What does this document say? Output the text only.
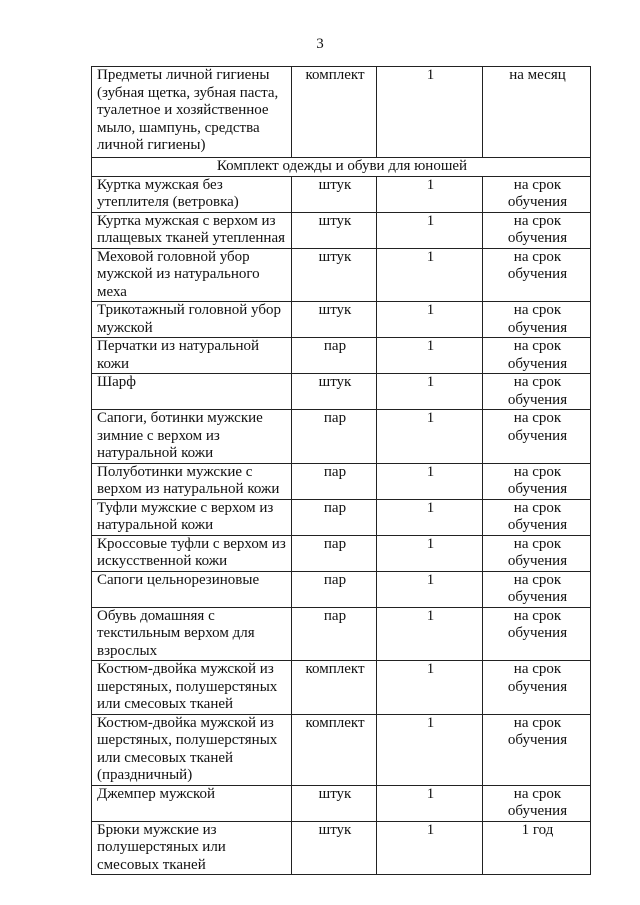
3
Предметы личной гигиены
(зубная щетка, зубная паста,
туалетное и хозяйственное
мыло, шампунь, средства
личной гигиены)	комплект	1	на месяц
Комплект одежды и обуви для юношей			
Куртка мужская без
утеплителя (ветровка)	штук	1	на срок
обучения
Куртка мужская с верхом из
плащевых тканей утепленная	штук	1	на срок
обучения
Меховой головной убор
мужской из натурального
меха	штук	1	на срок
обучения
Трикотажный головной убор
мужской	штук	1	на срок
обучения
Перчатки из натуральной
кожи	пар	1	на срок
обучения
Шарф	штук	1	на срок
обучения
Сапоги, ботинки мужские
зимние с верхом из
натуральной кожи	пар	1	на срок
обучения
Полуботинки мужские с
верхом из натуральной кожи	пар	1	на срок
обучения
Туфли мужские с верхом из
натуральной кожи	пар	1	на срок
обучения
Кроссовые туфли с верхом из
искусственной кожи	пар	1	на срок
обучения
Сапоги цельнорезиновые	пар	1	на срок
обучения
Обувь домашняя с
текстильным верхом для
взрослых	пар	1	на срок
обучения
Костюм-двойка мужской из
шерстяных, полушерстяных
или смесовых тканей	комплект	1	на срок
обучения
Костюм-двойка мужской из
шерстяных, полушерстяных
или смесовых тканей
(праздничный)	комплект	1	на срок
обучения
Джемпер мужской	штук	1	на срок
обучения
Брюки мужские из
полушерстяных или
смесовых тканей	штук	1	1 год
